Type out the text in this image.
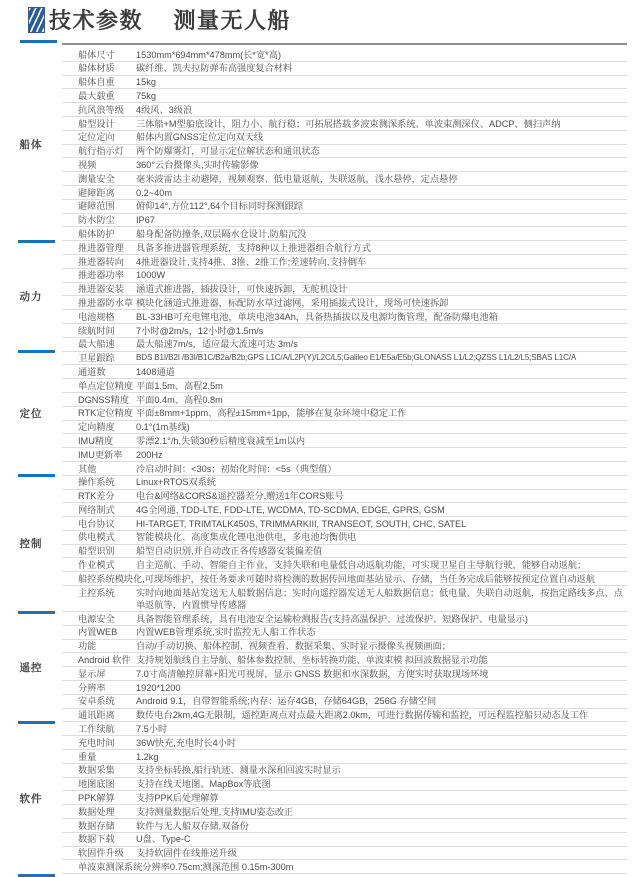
技术参数 测量无人船
船体
船体尺寸	1530mm*694mm*478mm(长*宽*高)
船体材质	碳纤维、凯夫拉防弹布高强度复合材料
船体自重	15kg
最大载重	75kg
抗风浪等级	4级风、3级浪
船型设计	三体船+M型船底设计，阻力小、航行稳；可拓展搭载多波束测深系统、单波束测深仪、ADCP、侧扫声纳
定位定向	船体内置GNSS定位定向双天线
航行指示灯	两个防爆雾灯，可显示定位解状态和通讯状态
视频	360°云台摄像头,实时传输影像
测量安全	毫米波雷达主动避障，视频观察、低电量返航，失联返航，浅水悬停，定点悬停
避障距离	0.2~40m
避障范围	俯仰14°,方位112°,64个目标同时探测跟踪
防水防尘	IP67
船体防护	船身配备防撞条,双层隔水仓设计,防船沉没
动力
推进器管理	具备多推进器管理系统，支持8种以上推进器组合航行方式
推进器转向	4推进器设计,支持4推、3推、2推工作;差速转向,支持倒车
推进器功率	1000W
推进器安装	涵道式推进器，插拔设计，可快速拆卸，无舵机设计
推进器防水草 模块化涵道式推进器，标配防水草过滤网，采用插拔式设计，现场可快速拆卸
电池规格	BL-33HB可充电锂电池，单块电池34Ah，具备热插拔以及电源均衡管理，配备防爆电池箱
续航时间	7小时@2m/s，12小时@1.5m/s
最大船速	最大船速7m/s，适应最大流速可达 3m/s
定位
卫星跟踪	BDS B1I/B2I /B3I/B1C/B2a/B2b;GPS L1C/A/L2P(Y)/L2C/L5;Galileo E1/E5a/E5b;GLONASS L1/L2;QZSS L1/L2/L5;SBAS L1C/A
通道数	1408通道
单点定位精度 平面1.5m、高程2.5m
DGNSS精度 平面0.4m、高程0.8m
RTK定位精度 平面±8mm+1ppm、高程±15mm+1pp，能够在复杂环境中稳定工作
定向精度	0.1°(1m基线)
IMU精度	零漂2.1°/h,失锁30秒后精度衰减至1m以内
IMU更新率	200Hz
其他	冷启动时间：<30s；初始化时间：<5s（典型值）
控制
操作系统	Linux+RTOS双系统
RTK差分	电台&网络&CORS&遥控器差分,赠送1年CORS账号
网络制式	4G全网通, TDD-LTE, FDD-LTE, WCDMA, TD-SCDMA, EDGE, GPRS, GSM
电台协议	HI-TARGET, TRIMTALK450S, TRIMMARKIII, TRANSEOT, SOUTH, CHC, SATEL
供电模式	智能模块化、高度集成化锂电池供电，多电池均衡供电
船型识别	船型自动识别,并自动改正各传感器安装偏差值
作业模式	自主巡航、手动、智能自主作业，支持失联和电量低自动返航功能，可实现卫星自主导航行驶，能够自动返航；
船控系统模块化, 可现场维护，按任务要求可随时将检测的数据传回地面基站显示、存储，当任务完成后能够按预定位置自动返航
主控系统	实时向地面基站发送无人船数据信息；实时向遥控器发送无人船数据信息；低电量、失联自动返航，按指定路线多点、点单返航等，内置惯导传感器
遥控
电源安全	具备智能管理系统，具有电池安全运输检测报告(支持高温保护、过流保护、短路保护、电量显示)
内置WEB	内置WEB管理系统,实时监控无人船工作状态
功能	自动/手动切换、船体控制、视频查看、数据采集、实时显示摄像头视频画面；
Android 软件 支持规划航线自主导航、船体参数控制、坐标转换功能、单波束模 拟回波数据显示功能
显示屏	7.0寸高清触控屏幕+阳光可视屏，显示 GNSS 数据和水深数据，方便实时获取现场环境
分辨率	1920*1200
安卓系统	Android 9.1，自带智能系统;内存：运存4GB，存储64GB，256G 存储空间
通讯距离	数传电台2km,4G无限制，遥控距离点对点最大距离2.0km，可进行数据传输和监控，可远程监控船只动态及工作
软件
工作续航	7.5小时
充电时间	36W快充,充电时长4小时
重量	1.2kg
数据采集	支持坐标转换,船行轨迹、测量水深和回波实时显示
地图底图	支持在线天地图、MapBox等底图
PPK解算	支持PPK后处理解算
数据处理	支持测量数据后处理,支持IMU姿态改正
数据存储	软件与无人船双存储,双备份
数据下载	U盘、Type-C
软固件升级	支持软固件在线推送升级
单波束测深系统 分辨率0.75cm;测深范围 0.15m-300m
